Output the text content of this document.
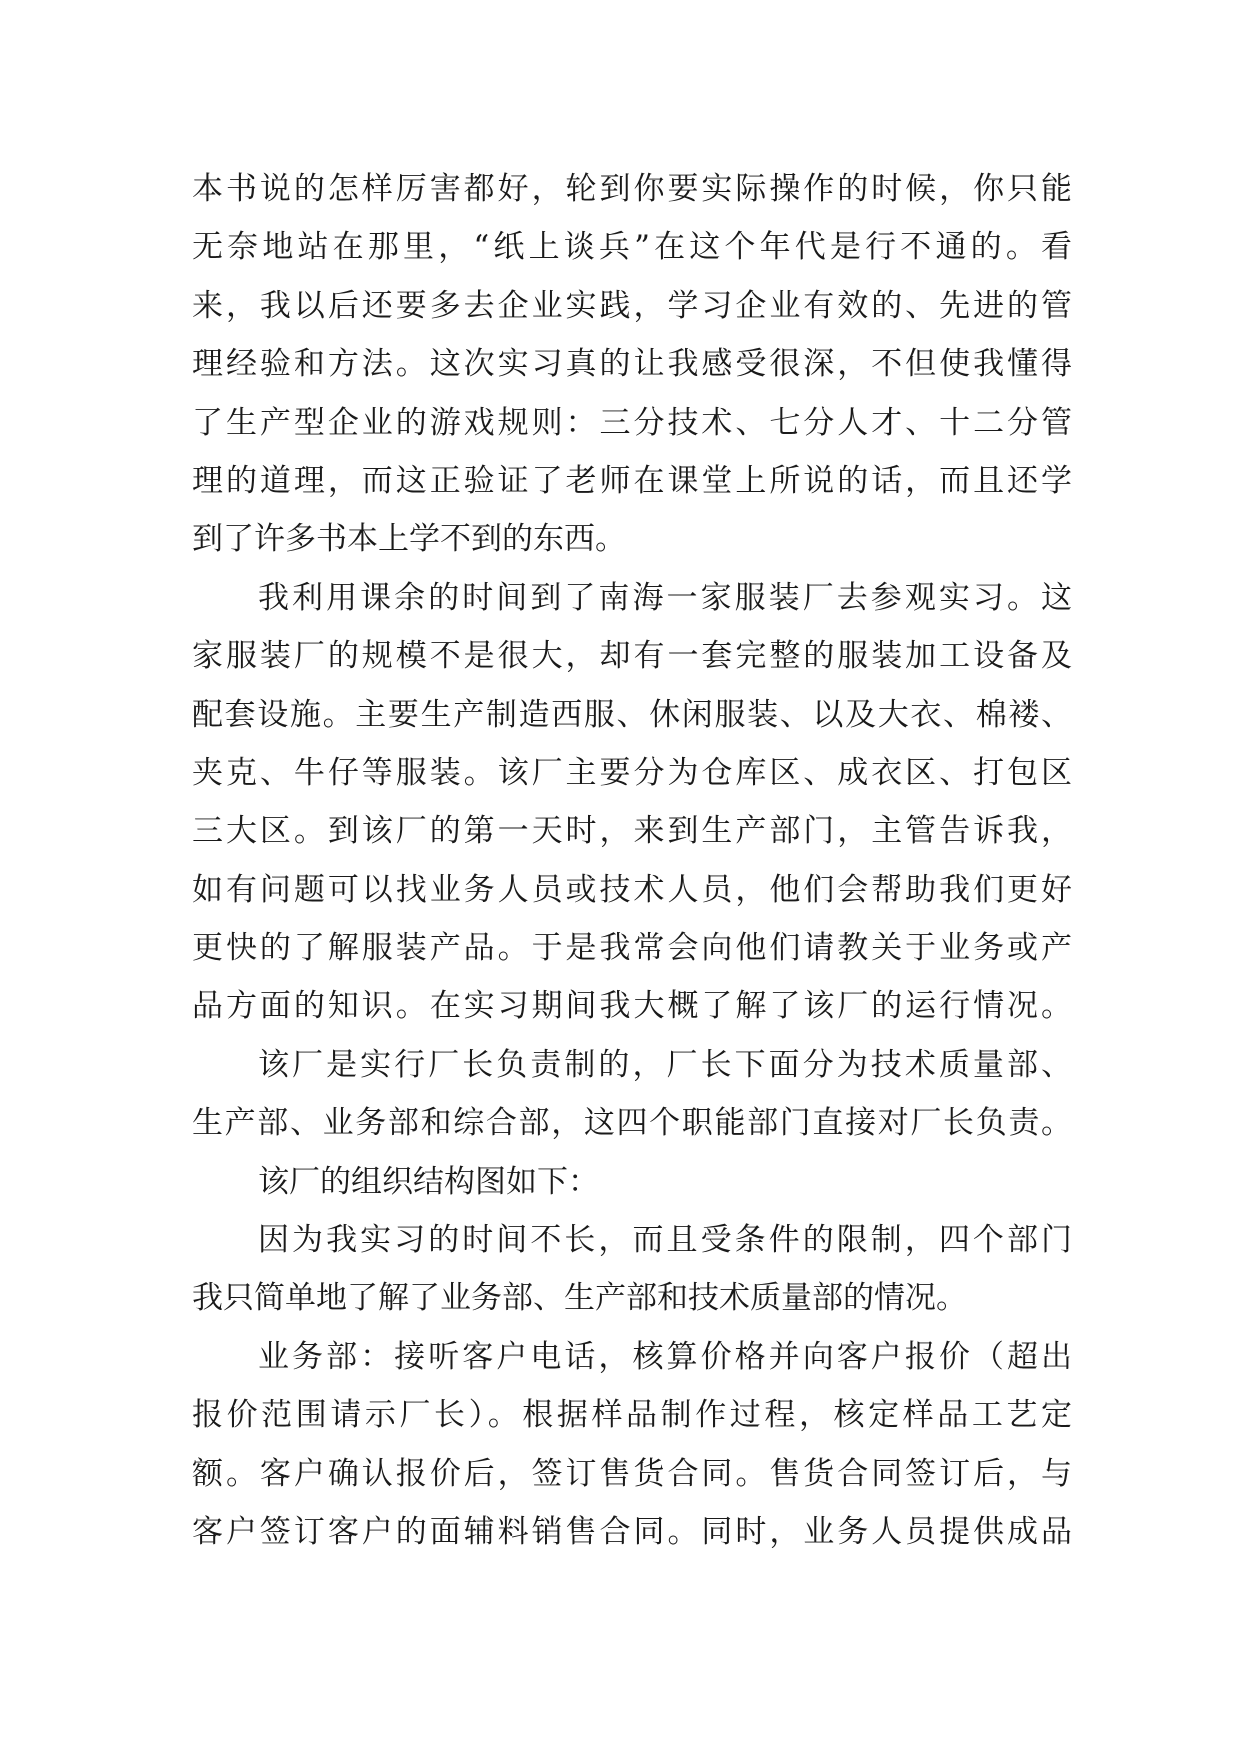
本书说的怎样厉害都好，轮到你要实际操作的时候，你只能
无奈地站在那里，“纸上谈兵”在这个年代是行不通的。看
来，我以后还要多去企业实践，学习企业有效的、先进的管
理经验和方法。这次实习真的让我感受很深，不但使我懂得
了生产型企业的游戏规则：三分技术、七分人才、十二分管
理的道理，而这正验证了老师在课堂上所说的话，而且还学
到了许多书本上学不到的东西。
我利用课余的时间到了南海一家服装厂去参观实习。这
家服装厂的规模不是很大，却有一套完整的服装加工设备及
配套设施。主要生产制造西服、休闲服装、以及大衣、棉褛、
夹克、牛仔等服装。该厂主要分为仓库区、成衣区、打包区
三大区。到该厂的第一天时，来到生产部门，主管告诉我，
如有问题可以找业务人员或技术人员，他们会帮助我们更好
更快的了解服装产品。于是我常会向他们请教关于业务或产
品方面的知识。在实习期间我大概了解了该厂的运行情况。
该厂是实行厂长负责制的，厂长下面分为技术质量部、
生产部、业务部和综合部，这四个职能部门直接对厂长负责。
该厂的组织结构图如下：
因为我实习的时间不长，而且受条件的限制，四个部门
我只简单地了解了业务部、生产部和技术质量部的情况。
业务部：接听客户电话，核算价格并向客户报价（超出
报价范围请示厂长）。根据样品制作过程，核定样品工艺定
额。客户确认报价后，签订售货合同。售货合同签订后，与
客户签订客户的面辅料销售合同。同时，业务人员提供成品
